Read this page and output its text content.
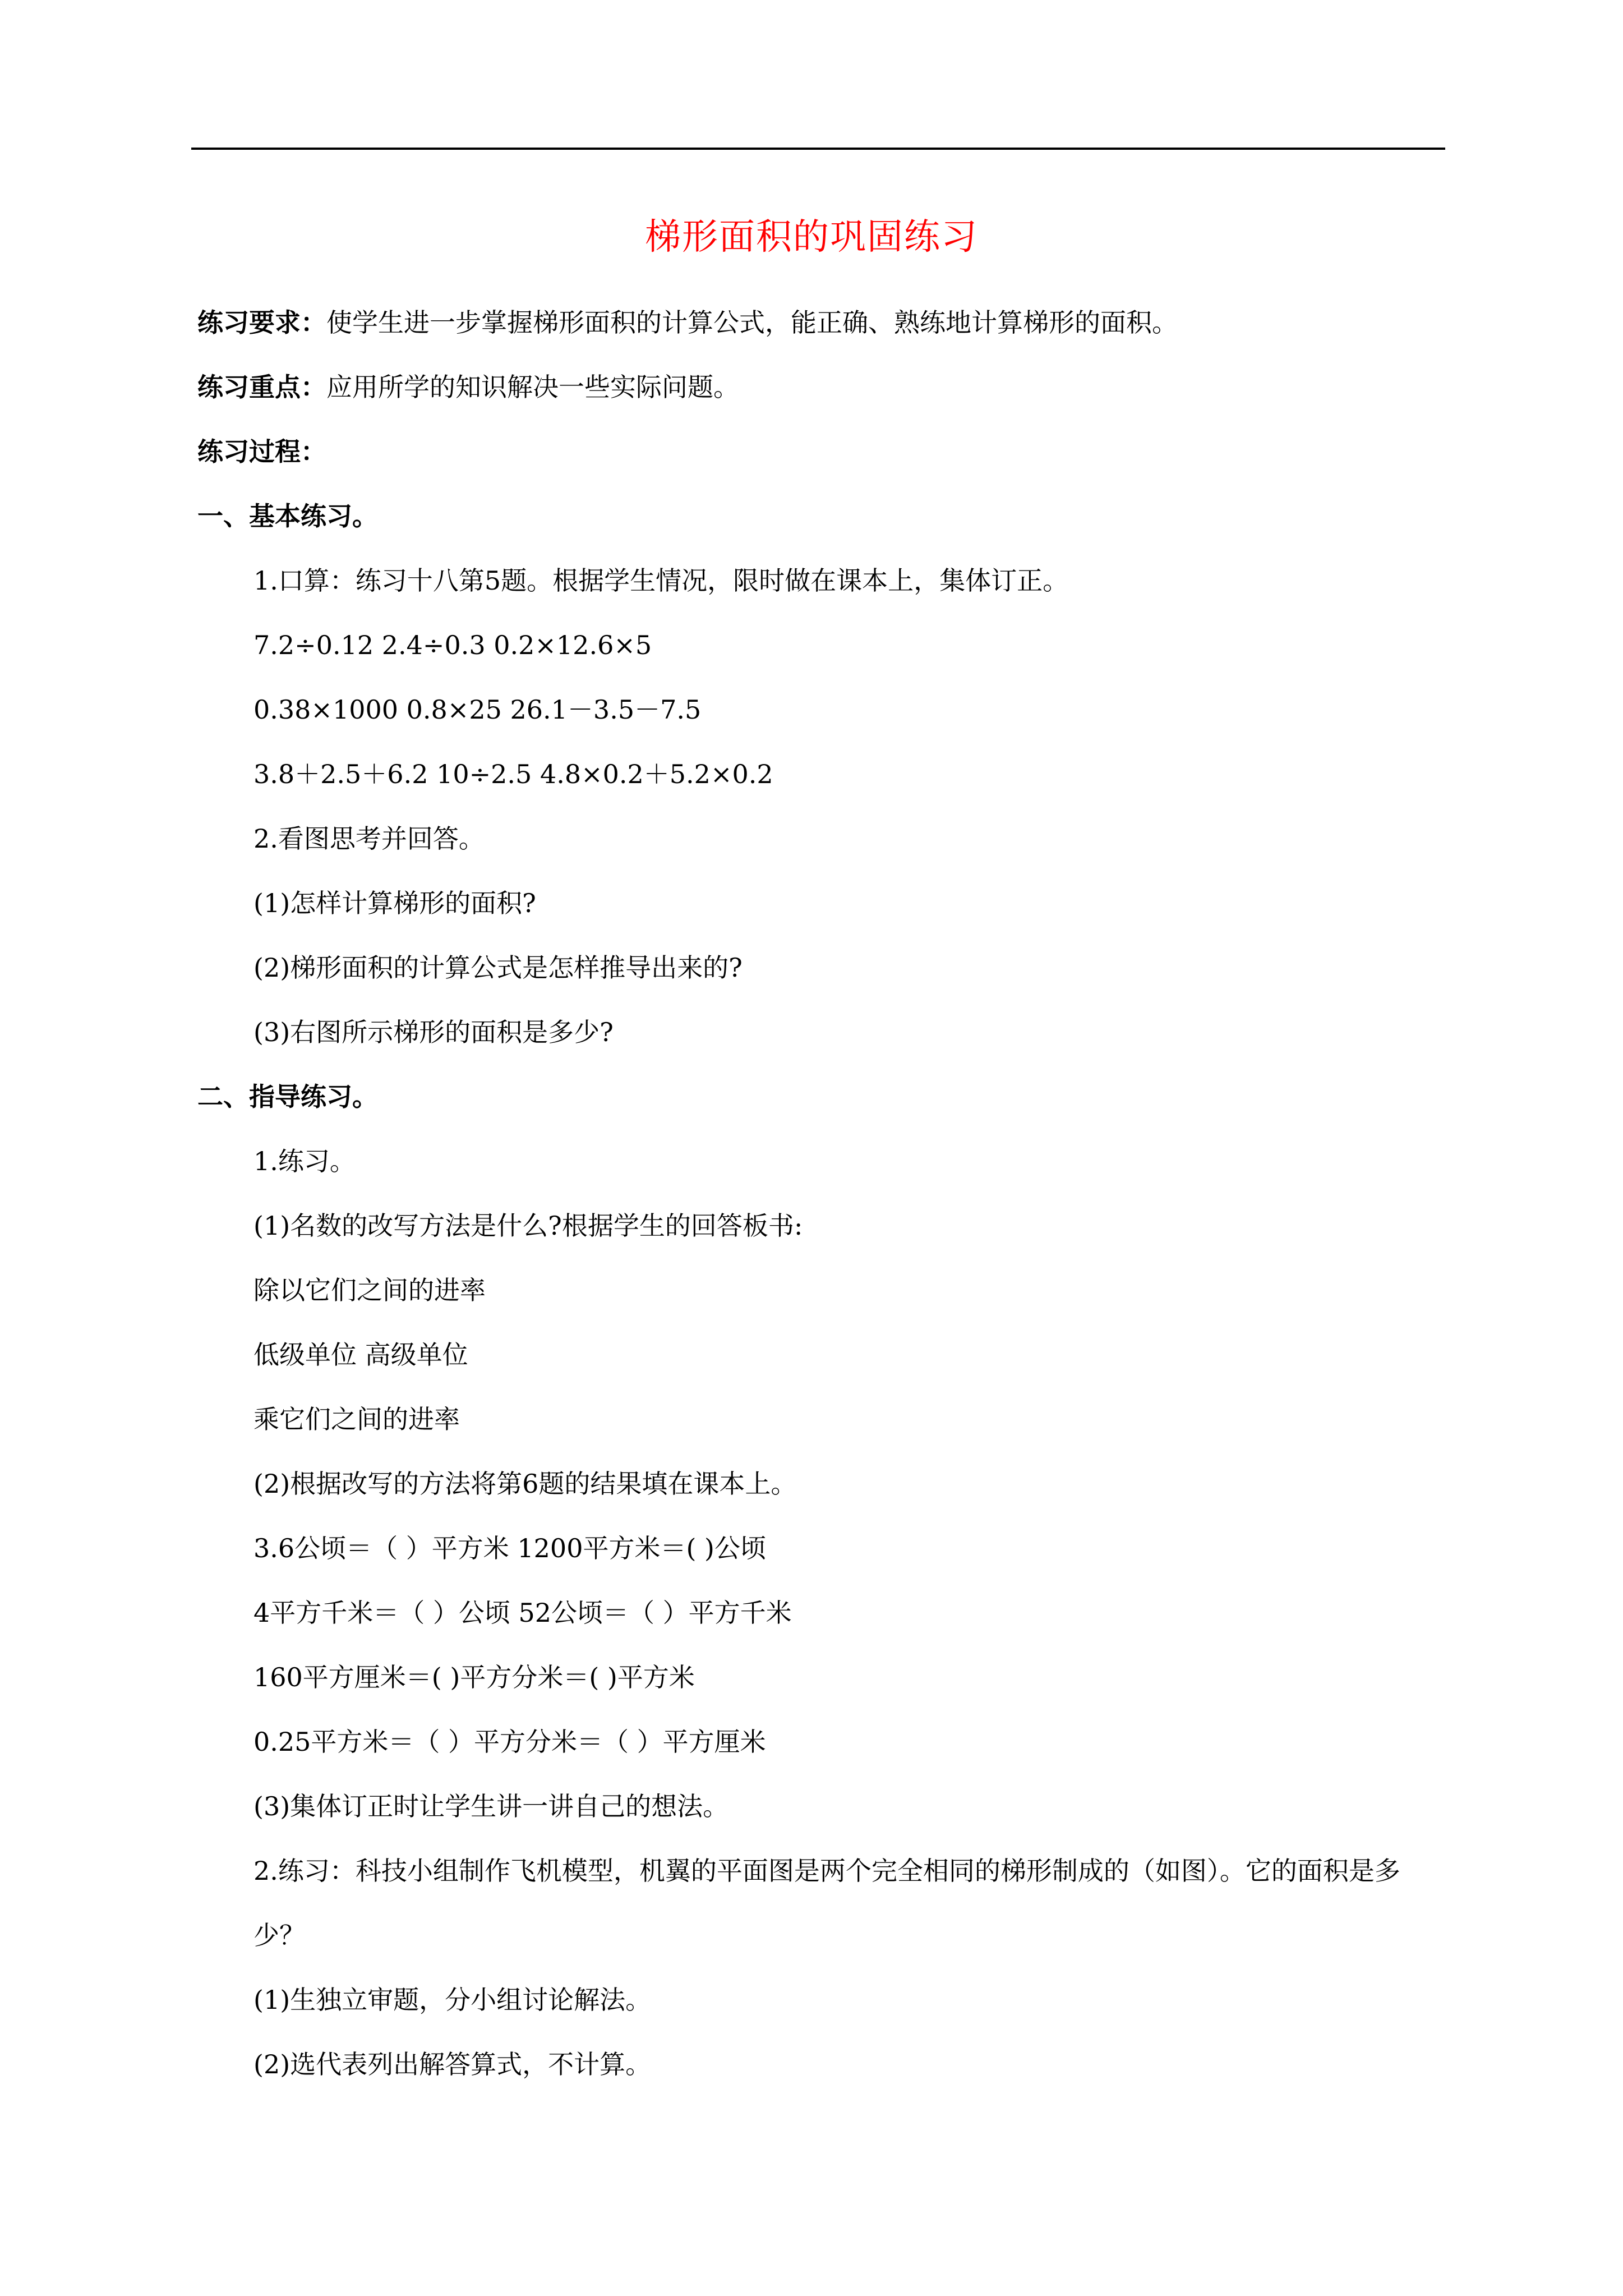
梯形面积的巩固练习
练习要求：使学生进一步掌握梯形面积的计算公式，能正确、熟练地计算梯形的面积。
练习重点：应用所学的知识解决一些实际问题。
练习过程：
一、基本练习。
1.口算：练习十八第5题。根据学生情况，限时做在课本上，集体订正。
7.2÷0.12 2.4÷0.3 0.2×12.6×5
0.38×1000 0.8×25 26.1－3.5－7.5
3.8＋2.5＋6.2 10÷2.5 4.8×0.2＋5.2×0.2
2.看图思考并回答。
(1)怎样计算梯形的面积?
(2)梯形面积的计算公式是怎样推导出来的?
(3)右图所示梯形的面积是多少?
二、指导练习。
1.练习。
(1)名数的改写方法是什么?根据学生的回答板书:
除以它们之间的进率
低级单位 高级单位
乘它们之间的进率
(2)根据改写的方法将第6题的结果填在课本上。
3.6公顷＝（ ）平方米 1200平方米＝( )公顷
4平方千米＝（ ）公顷 52公顷＝（ ）平方千米
160平方厘米＝( )平方分米＝( )平方米
0.25平方米＝（ ）平方分米＝（ ）平方厘米
(3)集体订正时让学生讲一讲自己的想法。
2.练习：科技小组制作飞机模型，机翼的平面图是两个完全相同的梯形制成的（如图）。它的面积是多少？
(1)生独立审题，分小组讨论解法。
(2)选代表列出解答算式，不计算。
